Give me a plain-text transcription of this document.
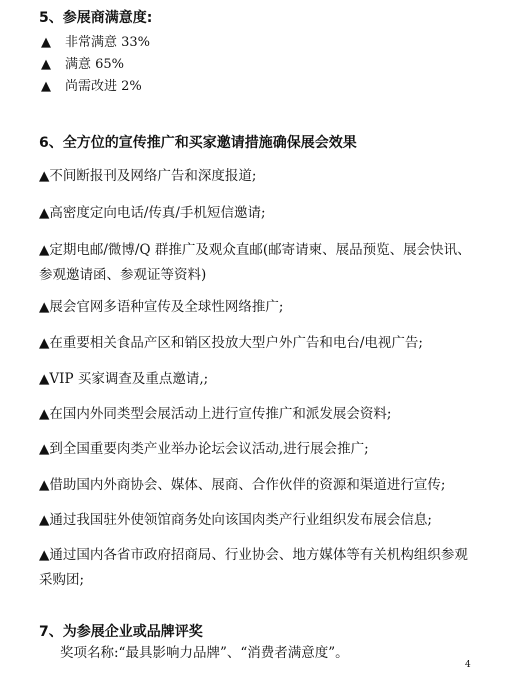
5、参展商满意度:
▲ 非常满意 33%
▲ 满意 65%
▲ 尚需改进 2%
6、全方位的宣传推广和买家邀请措施确保展会效果
▲不间断报刊及网络广告和深度报道;
▲高密度定向电话/传真/手机短信邀请;
▲定期电邮/微博/Q 群推广及观众直邮(邮寄请柬、展品预览、展会快讯、参观邀请函、参观证等资料)
▲展会官网多语种宣传及全球性网络推广;
▲在重要相关食品产区和销区投放大型户外广告和电台/电视广告;
▲VIP 买家调查及重点邀请,;
▲在国内外同类型会展活动上进行宣传推广和派发展会资料;
▲到全国重要肉类产业举办论坛会议活动,进行展会推广;
▲借助国内外商协会、媒体、展商、合作伙伴的资源和渠道进行宣传;
▲通过我国驻外使领馆商务处向该国肉类产行业组织发布展会信息;
▲通过国内各省市政府招商局、行业协会、地方媒体等有关机构组织参观采购团;
7、为参展企业或品牌评奖
奖项名称:“最具影响力品牌”、“消费者满意度”。
4
